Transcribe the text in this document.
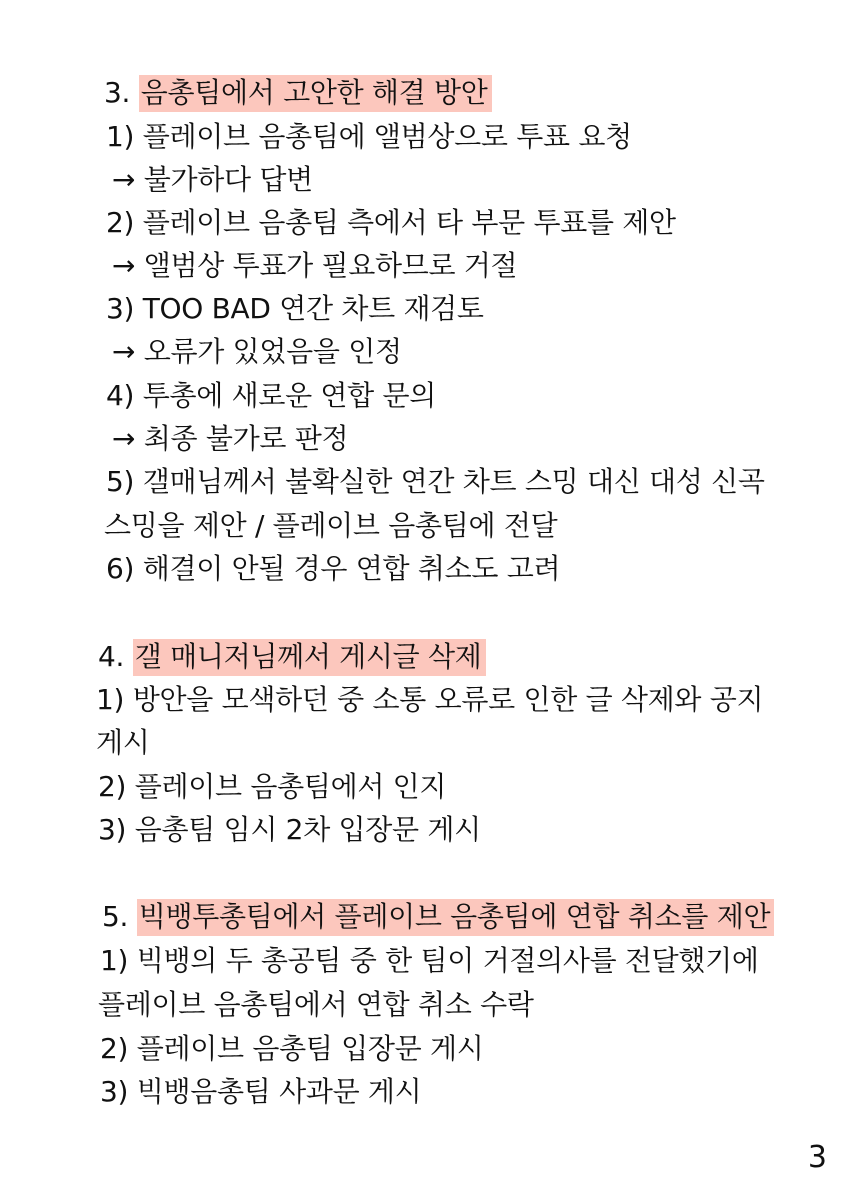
3. 음총팀에서 고안한 해결 방안
1) 플레이브 음총팀에 앨범상으로 투표 요청
→ 불가하다 답변
2) 플레이브 음총팀 측에서 타 부문 투표를 제안
→ 앨범상 투표가 필요하므로 거절
3) TOO BAD 연간 차트 재검토
→ 오류가 있었음을 인정
4) 투총에 새로운 연합 문의
→ 최종 불가로 판정
5) 갤매님께서 불확실한 연간 차트 스밍 대신 대성 신곡
스밍을 제안 / 플레이브 음총팀에 전달
6) 해결이 안될 경우 연합 취소도 고려
4. 갤 매니저님께서 게시글 삭제
1) 방안을 모색하던 중 소통 오류로 인한 글 삭제와 공지
게시
2) 플레이브 음총팀에서 인지
3) 음총팀 임시 2차 입장문 게시
5. 빅뱅투총팀에서 플레이브 음총팀에 연합 취소를 제안
1) 빅뱅의 두 총공팀 중 한 팀이 거절의사를 전달했기에
플레이브 음총팀에서 연합 취소 수락
2) 플레이브 음총팀 입장문 게시
3) 빅뱅음총팀 사과문 게시
3
